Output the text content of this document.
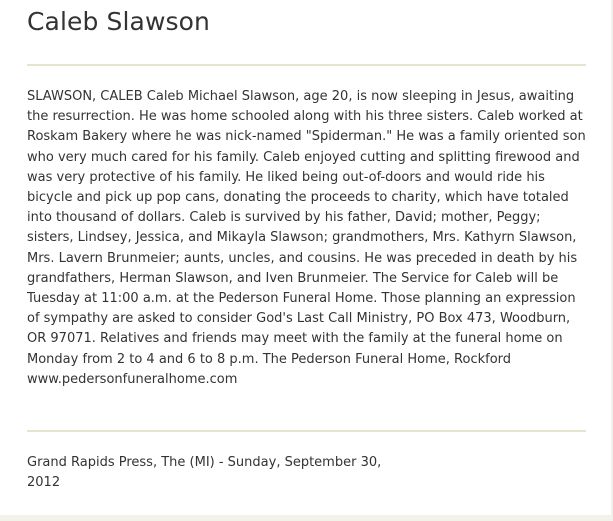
Caleb Slawson

SLAWSON, CALEB Caleb Michael Slawson, age 20, is now sleeping in Jesus, awaiting the resurrection. He was home schooled along with his three sisters. Caleb worked at Roskam Bakery where he was nick-named "Spiderman." He was a family oriented son who very much cared for his family. Caleb enjoyed cutting and splitting firewood and was very protective of his family. He liked being out-of-doors and would ride his bicycle and pick up pop cans, donating the proceeds to charity, which have totaled into thousand of dollars. Caleb is survived by his father, David; mother, Peggy; sisters, Lindsey, Jessica, and Mikayla Slawson; grandmothers, Mrs. Kathyrn Slawson, Mrs. Lavern Brunmeier; aunts, uncles, and cousins. He was preceded in death by his grandfathers, Herman Slawson, and Iven Brunmeier. The Service for Caleb will be Tuesday at 11:00 a.m. at the Pederson Funeral Home. Those planning an expression of sympathy are asked to consider God's Last Call Ministry, PO Box 473, Woodburn, OR 97071. Relatives and friends may meet with the family at the funeral home on Monday from 2 to 4 and 6 to 8 p.m. The Pederson Funeral Home, Rockford www.pedersonfuneralhome.com

Grand Rapids Press, The (MI) - Sunday, September 30, 2012
